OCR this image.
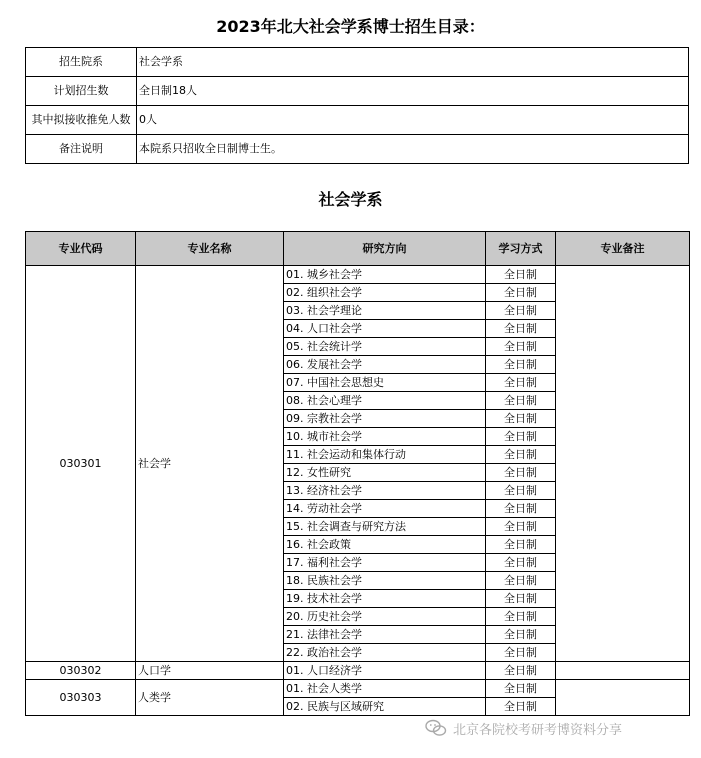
2023年北大社会学系博士招生目录：
招生院系	社会学系
计划招生数	全日制18人
其中拟接收推免人数	0人
备注说明	本院系只招收全日制博士生。
社会学系
专业代码	专业名称	研究方向	学习方式	专业备注
030301	社会学	01. 城乡社会学	全日制	
		02. 组织社会学	全日制	
		03. 社会学理论	全日制	
		04. 人口社会学	全日制	
		05. 社会统计学	全日制	
		06. 发展社会学	全日制	
		07. 中国社会思想史	全日制	
		08. 社会心理学	全日制	
		09. 宗教社会学	全日制	
		10. 城市社会学	全日制	
		11. 社会运动和集体行动	全日制	
		12. 女性研究	全日制	
		13. 经济社会学	全日制	
		14. 劳动社会学	全日制	
		15. 社会调查与研究方法	全日制	
		16. 社会政策	全日制	
		17. 福利社会学	全日制	
		18. 民族社会学	全日制	
		19. 技术社会学	全日制	
		20. 历史社会学	全日制	
		21. 法律社会学	全日制	
		22. 政治社会学	全日制	
030302	人口学	01. 人口经济学	全日制	
030303	人类学	01. 社会人类学	全日制	
		02. 民族与区域研究	全日制	
北京各院校考研考博资料分享
